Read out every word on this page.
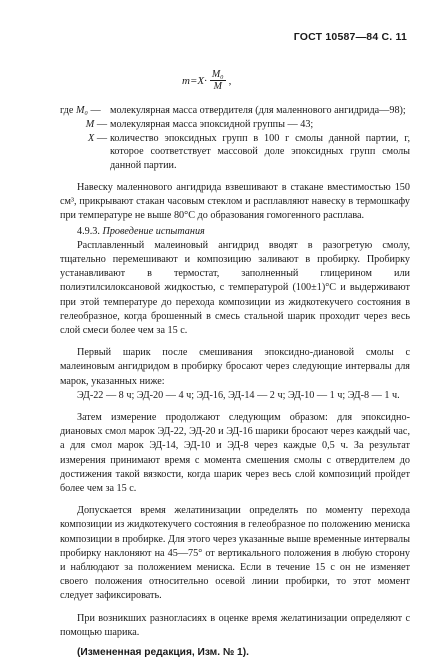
ГОСТ 10587—84 С. 11
$m=X\cdot \frac{\text{M₀}}{M}$ ,
где M₀ —	молекулярная масса отвердителя (для маленнового ангидрида—98);
M —	молекулярная масса эпоксидной группы — 43;
X —	количество эпоксидных групп в 100 г смолы данной партии, г, которое соответствует массовой доле эпоксидных групп смолы данной партии.

Навеску маленнового ангидрида взвешивают в стакане вместимостью 150 см³, прикрывают стакан часовым стеклом и расплавляют навеску в термошкафу при температуре не выше 80°С до образования гомогенного расплава.

4.9.3. Проведение испытания

Расплавленный малеиновый ангидрид вводят в разогретую смолу, тщательно перемешивают и композицию заливают в пробирку. Пробирку устанавливают в термостат, заполненный глицерином или полиэтилсилоксановой жидкостью, с температурой (100±1)°С и выдерживают при этой температуре до перехода композиции из жидкотекучего состояния в гелеобразное, когда брошенный в смесь стальной шарик проходит через весь слой смеси более чем за 15 с.

Первый шарик после смешивания эпоксидно-диановой смолы с малеиновым ангидридом в пробирку бросают через следующие интервалы для марок, указанных ниже:

ЭД-22 — 8 ч; ЭД-20 — 4 ч; ЭД-16, ЭД-14 — 2 ч; ЭД-10 — 1 ч; ЭД-8 — 1 ч.

Затем измерение продолжают следующим образом: для эпоксидно-диановых смол марок ЭД-22, ЭД-20 и ЭД-16 шарики бросают через каждый час, а для смол марок ЭД-14, ЭД-10 и ЭД-8 через каждые 0,5 ч. За результат измерения принимают время с момента смешения смолы с отвердителем до достижения такой вязкости, когда шарик через весь слой композиций пройдет более чем за 15 с.

Допускается время желатинизации определять по моменту перехода композиции из жидкотекучего состояния в гелеобразное по положению мениска композиции в пробирке. Для этого через указанные выше временные интервалы пробирку наклоняют на 45—75° от вертикального положения в любую сторону и наблюдают за положением мениска. Если в течение 15 с он не изменяет своего положения относительно осевой линии пробирки, то этот момент следует зафиксировать.

При возникших разногласиях в оценке время желатинизации определяют с помощью шарика.

(Измененная редакция, Изм. № 1).
